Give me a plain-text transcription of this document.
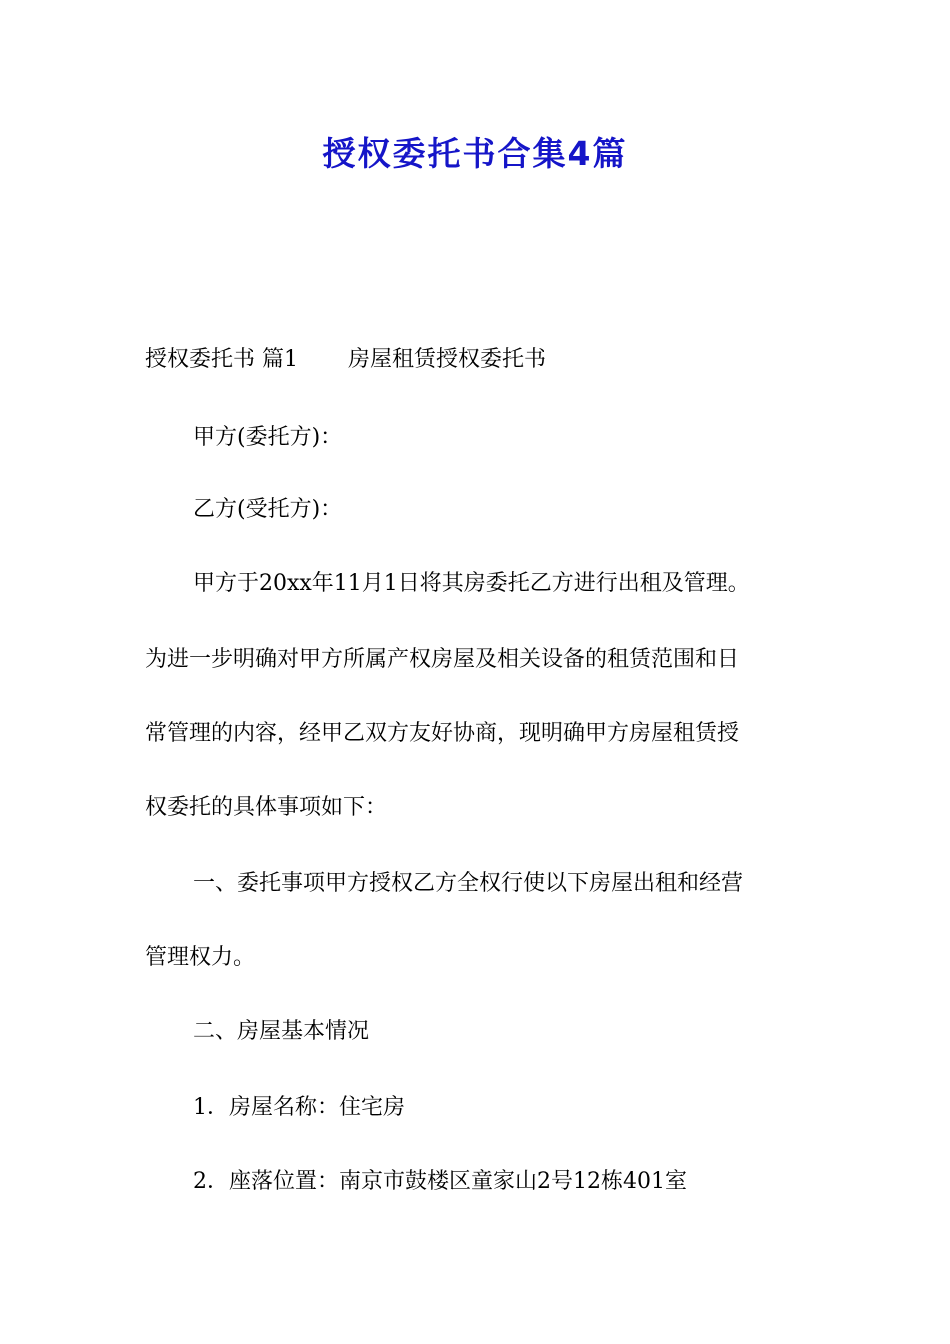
授权委托书合集4篇
授权委托书 篇1 房屋租赁授权委托书
甲方(委托方)：
乙方(受托方)：
甲方于20xx年11月1日将其房委托乙方进行出租及管理。
为进一步明确对甲方所属产权房屋及相关设备的租赁范围和日
常管理的内容，经甲乙双方友好协商，现明确甲方房屋租赁授
权委托的具体事项如下：
一、委托事项甲方授权乙方全权行使以下房屋出租和经营
管理权力。
二、房屋基本情况
1．房屋名称：住宅房
2．座落位置：南京市鼓楼区童家山2号12栋401室
